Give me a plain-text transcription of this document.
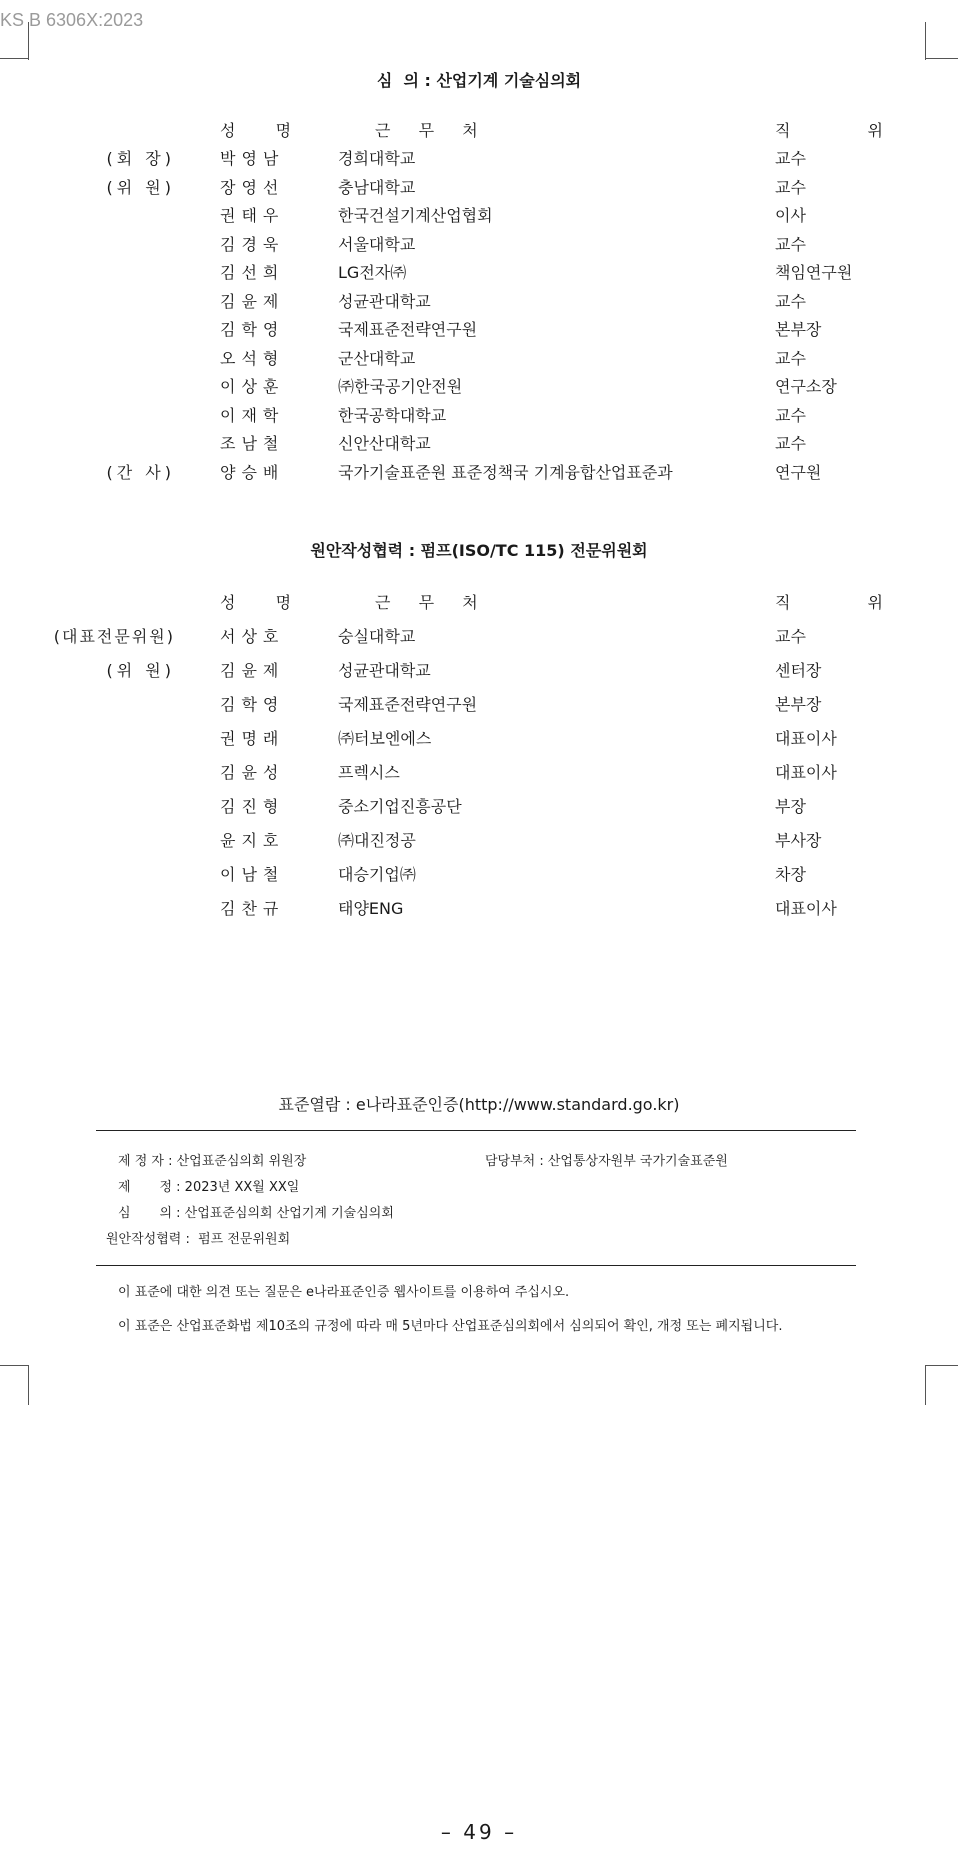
KS B 6306X:2023
심  의 : 산업기계 기술심의회
성  명	근  무  처	직  위
(회 장)	박영남	경희대학교	교수
(위 원)	장영선	충남대학교	교수
권태우	한국건설기계산업협회	이사
김경욱	서울대학교	교수
김선희	LG전자㈜	책임연구원
김윤제	성균관대학교	교수
김학영	국제표준전략연구원	본부장
오석형	군산대학교	교수
이상훈	㈜한국공기안전원	연구소장
이재학	한국공학대학교	교수
조남철	신안산대학교	교수
(간 사)	양승배	국가기술표준원 표준정책국 기계융합산업표준과	연구원
원안작성협력 : 펌프(ISO/TC 115) 전문위원회
성  명	근  무  처	직  위
(대표전문위원)	서상호	숭실대학교	교수
(위 원)	김윤제	성균관대학교	센터장
김학영	국제표준전략연구원	본부장
권명래	㈜터보엔에스	대표이사
김윤성	프렉시스	대표이사
김진형	중소기업진흥공단	부장
윤지호	㈜대진정공	부사장
이남철	대승기업㈜	차장
김찬규	태양ENG	대표이사
표준열람 : e나라표준인증(http://www.standard.go.kr)
제 정 자 : 산업표준심의회 위원장	담당부처 : 산업통상자원부 국가기술표준원
제       정 : 2023년 XX월 XX일
심       의 : 산업표준심의회 산업기계 기술심의회
원안작성협력 :  펌프 전문위원회
이 표준에 대한 의견 또는 질문은 e나라표준인증 웹사이트를 이용하여 주십시오.
이 표준은 산업표준화법 제10조의 규정에 따라 매 5년마다 산업표준심의회에서 심의되어 확인, 개정 또는 폐지됩니다.
– 49 –
